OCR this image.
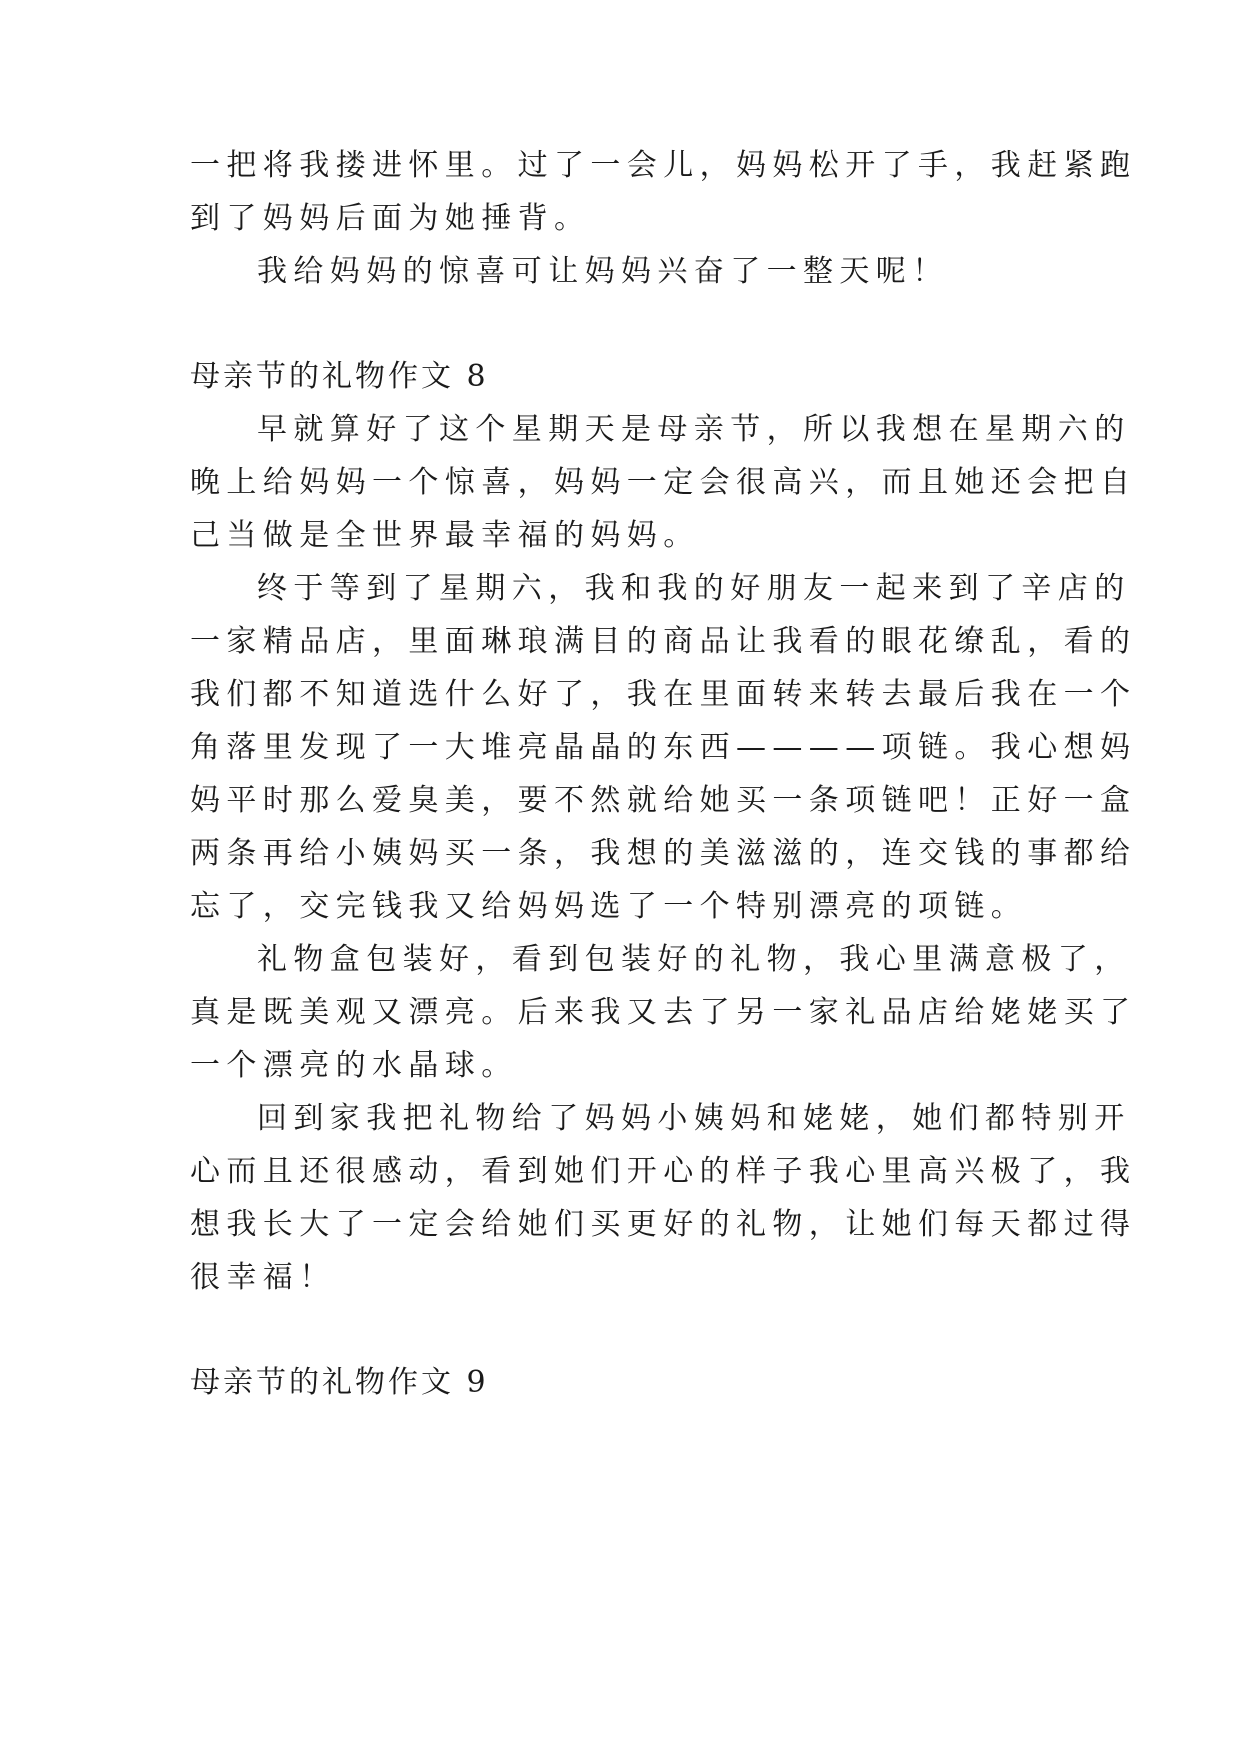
一把将我搂进怀里。过了一会儿，妈妈松开了手，我赶紧跑
到了妈妈后面为她捶背。
我给妈妈的惊喜可让妈妈兴奋了一整天呢！
母亲节的礼物作文 8
早就算好了这个星期天是母亲节，所以我想在星期六的
晚上给妈妈一个惊喜，妈妈一定会很高兴，而且她还会把自
己当做是全世界最幸福的妈妈。
终于等到了星期六，我和我的好朋友一起来到了辛店的
一家精品店，里面琳琅满目的商品让我看的眼花缭乱，看的
我们都不知道选什么好了，我在里面转来转去最后我在一个
角落里发现了一大堆亮晶晶的东西————项链。我心想妈
妈平时那么爱臭美，要不然就给她买一条项链吧！正好一盒
两条再给小姨妈买一条，我想的美滋滋的，连交钱的事都给
忘了，交完钱我又给妈妈选了一个特别漂亮的项链。
礼物盒包装好，看到包装好的礼物，我心里满意极了，
真是既美观又漂亮。后来我又去了另一家礼品店给姥姥买了
一个漂亮的水晶球。
回到家我把礼物给了妈妈小姨妈和姥姥，她们都特别开
心而且还很感动，看到她们开心的样子我心里高兴极了，我
想我长大了一定会给她们买更好的礼物，让她们每天都过得
很幸福！
母亲节的礼物作文 9
